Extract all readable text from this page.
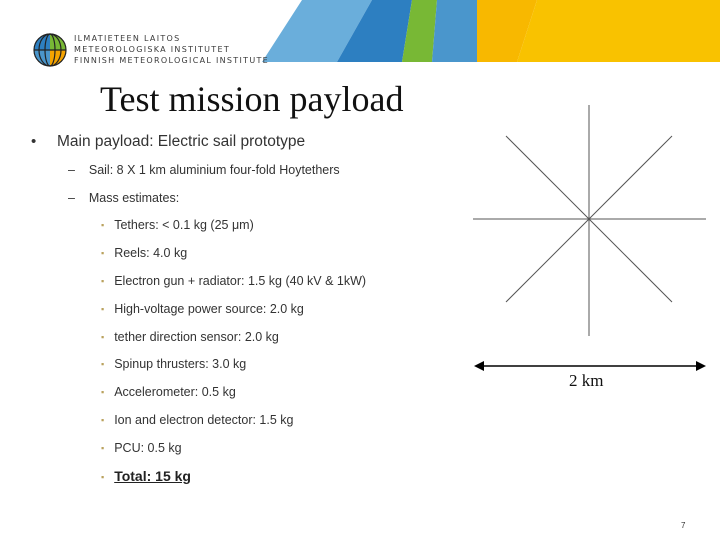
ILMATIETEEN LAITOS
METEOROLOGISKA INSTITUTET
FINNISH METEOROLOGICAL INSTITUTE
Test mission payload
• Main payload: Electric sail prototype
– Sail: 8 X 1 km aluminium four-fold Hoytethers
– Mass estimates:
▪ Tethers: < 0.1 kg (25 μm)
▪ Reels: 4.0 kg
▪ Electron gun + radiator: 1.5 kg (40 kV & 1kW)
▪ High-voltage power source: 2.0 kg
▪ tether direction sensor: 2.0 kg
▪ Spinup thrusters: 3.0 kg
▪ Accelerometer: 0.5 kg
▪ Ion and electron detector: 1.5 kg
▪ PCU: 0.5 kg
▪ Total: 15 kg
2 km
7
